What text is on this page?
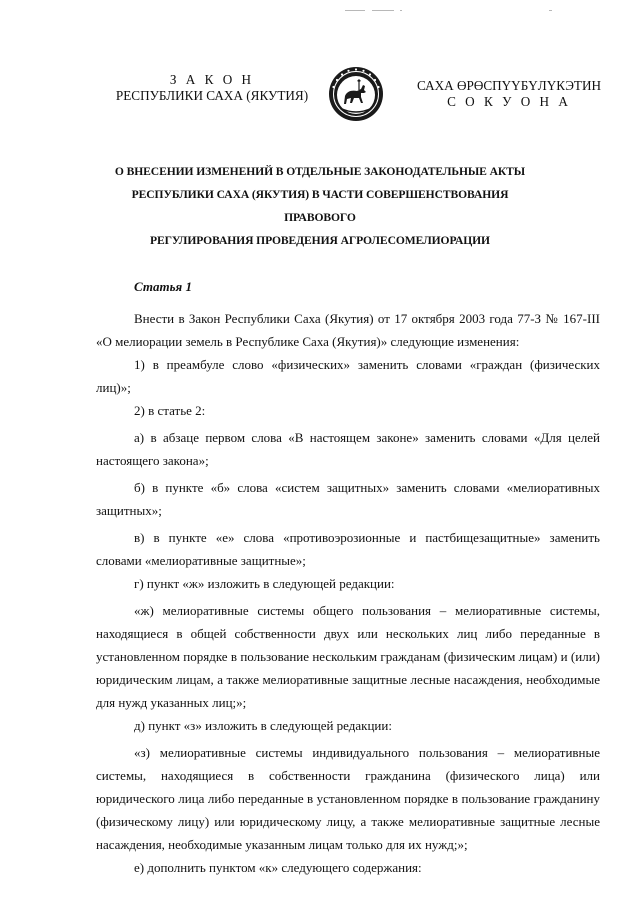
З А К О Н
РЕСПУБЛИКИ САХА (ЯКУТИЯ)
САХА ӨРӨСПҮҮБҮЛҮКЭТИН
С О К У О Н А
О ВНЕСЕНИИ ИЗМЕНЕНИЙ В ОТДЕЛЬНЫЕ ЗАКОНОДАТЕЛЬНЫЕ АКТЫ
РЕСПУБЛИКИ САХА (ЯКУТИЯ) В ЧАСТИ СОВЕРШЕНСТВОВАНИЯ ПРАВОВОГО
РЕГУЛИРОВАНИЯ ПРОВЕДЕНИЯ АГРОЛЕСОМЕЛИОРАЦИИ

Статья 1

Внести в Закон Республики Саха (Якутия) от 17 октября 2003 года 77-З № 167-III «О мелиорации земель в Республике Саха (Якутия)» следующие изменения:

1) в преамбуле слово «физических» заменить словами «граждан (физических лиц)»;

2) в статье 2:

а) в абзаце первом слова «В настоящем законе» заменить словами «Для целей настоящего закона»;

б) в пункте «б» слова «систем защитных» заменить словами «мелиоративных защитных»;

в) в пункте «е» слова «противоэрозионные и пастбищезащитные» заменить словами «мелиоративные защитные»;

г) пункт «ж» изложить в следующей редакции:

«ж) мелиоративные системы общего пользования – мелиоративные системы, находящиеся в общей собственности двух или нескольких лиц либо переданные в установленном порядке в пользование нескольким гражданам (физическим лицам) и (или) юридическим лицам, а также мелиоративные защитные лесные насаждения, необходимые для нужд указанных лиц;»;

д) пункт «з» изложить в следующей редакции:

«з) мелиоративные системы индивидуального пользования – мелиоративные системы, находящиеся в собственности гражданина (физического лица) или юридического лица либо переданные в установленном порядке в пользование гражданину (физическому лицу) или юридическому лицу, а также мелиоративные защитные лесные насаждения, необходимые указанным лицам только для их нужд;»;

е) дополнить пунктом «к» следующего содержания:
